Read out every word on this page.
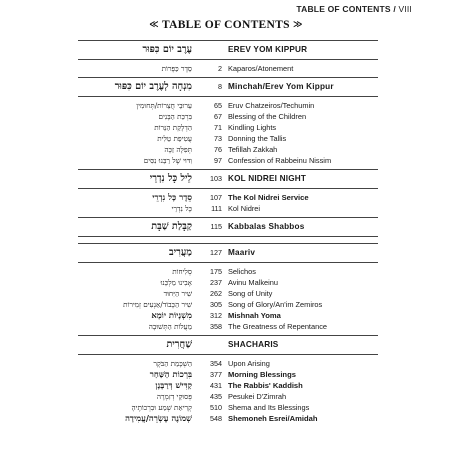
TABLE OF CONTENTS / VIII
≪ TABLE OF CONTENTS ≫
עֶרֶב יוֹם כִּפּוּר	EREV YOM KIPPUR
סֵדֶר כַּפָּרוֹת	2 Kaparos/Atonement
מִנְחָה לְעֶרֶב יוֹם כִּפּוּר	8 Minchah/Erev Yom Kippur
עֵרוּבֵי חֲצֵרוֹת/תְּחוּמִין	65 Eruv Chatzeiros/Techumin
בִּרְכַּת הַבָּנִים	67 Blessing of the Children
הַדְלָקַת הַנֵּרוֹת	71 Kindling Lights
עֲטִיפַת טַלִּית	73 Donning the Tallis
תְּפִלָּה זַכָּה	76 Tefillah Zakkah
וִדּוּי שֶׁל רַבֵּנוּ נִסִּים	97 Confession of Rabbeinu Nissim
לֵיל כָּל נִדְרֵי	103 KOL NIDREI NIGHT
סֵדֶר כָּל נִדְרֵי	107 The Kol Nidrei Service
כָּל נִדְרֵי	111 Kol Nidrei
קַבָּלַת שַׁבָּת	115 Kabbalas Shabbos
מַעֲרִיב	127 Maariv
סְלִיחוֹת	175 Selichos
אָבִינוּ מַלְכֵּנוּ	237 Avinu Malkeinu
שִׁיר הַיִּחוּד	262 Song of Unity
שִׁיר הַכָּבוֹד/אַנְעִים זְמִירוֹת	305 Song of Glory/An'im Zemiros
מִשְׁנָיוֹת יוֹמָא	312 Mishnah Yoma
מַעֲלוֹת הַתְּשׁוּבָה	358 The Greatness of Repentance
שַׁחֲרִית	SHACHARIS
הַשְׁכָּמַת הַבֹּקֶר	354 Upon Arising
בִּרְכוֹת הַשַּׁחַר	377 Morning Blessings
קַדִּישׁ דְּרַבָּנָן	431 The Rabbis' Kaddish
פְּסוּקֵי דְזִמְרָה	435 Pesukei D'Zimrah
קְרִיאַת שְׁמַע וּבִרְכוֹתֶיהָ	510 Shema and Its Blessings
שְׁמוֹנֶה עֶשְׂרֵה/עֲמִידָה	548 Shemoneh Esrei/Amidah
